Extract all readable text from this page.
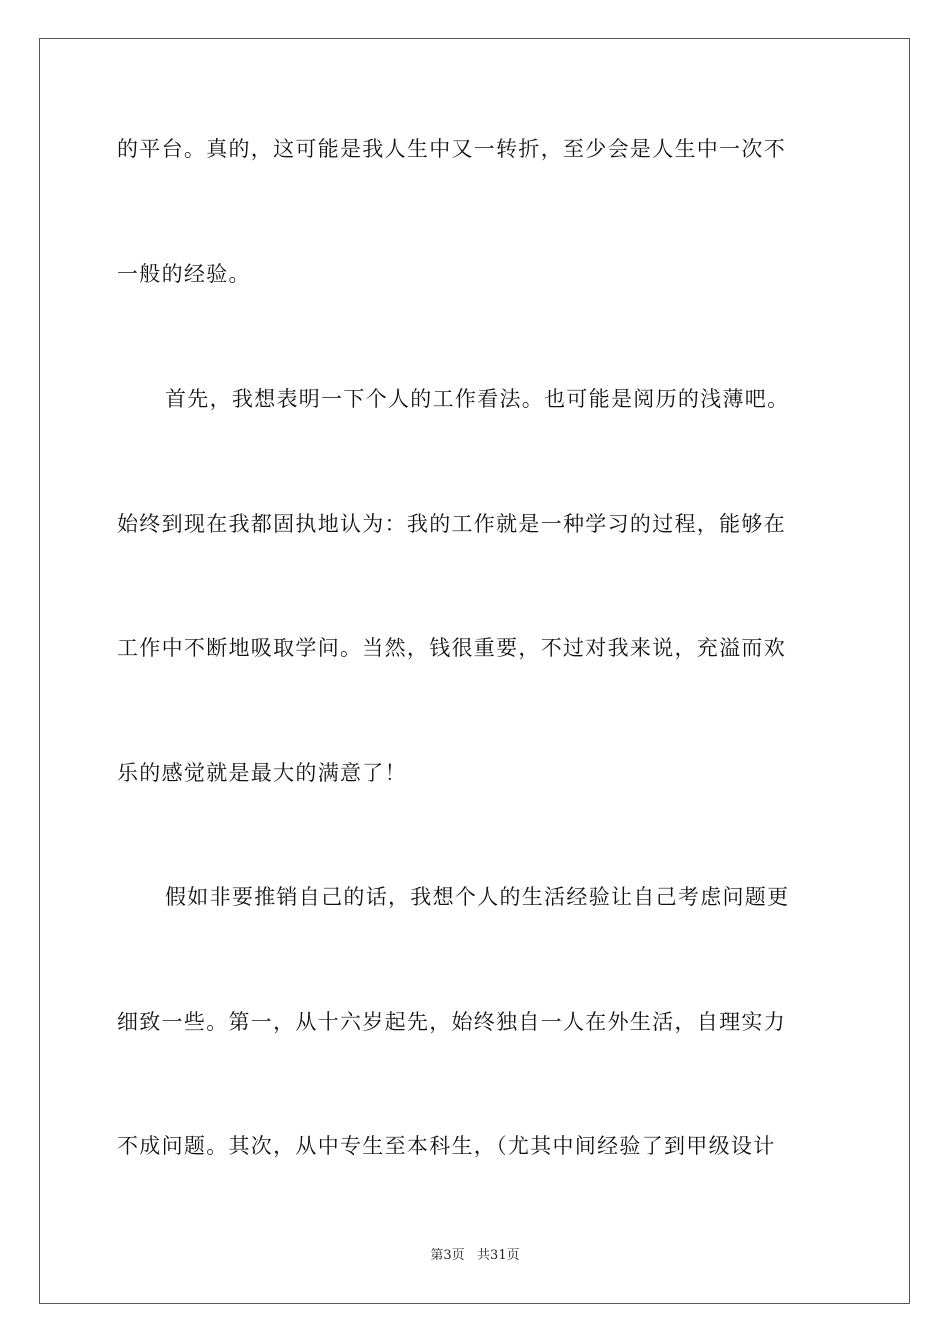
的平台。真的，这可能是我人生中又一转折，至少会是人生中一次不
一般的经验。
首先，我想表明一下个人的工作看法。也可能是阅历的浅薄吧。
始终到现在我都固执地认为：我的工作就是一种学习的过程，能够在
工作中不断地吸取学问。当然，钱很重要，不过对我来说，充溢而欢
乐的感觉就是最大的满意了！
假如非要推销自己的话，我想个人的生活经验让自己考虑问题更
细致一些。第一，从十六岁起先，始终独自一人在外生活，自理实力
不成问题。其次，从中专生至本科生，（尤其中间经验了到甲级设计
第3页   共31页
